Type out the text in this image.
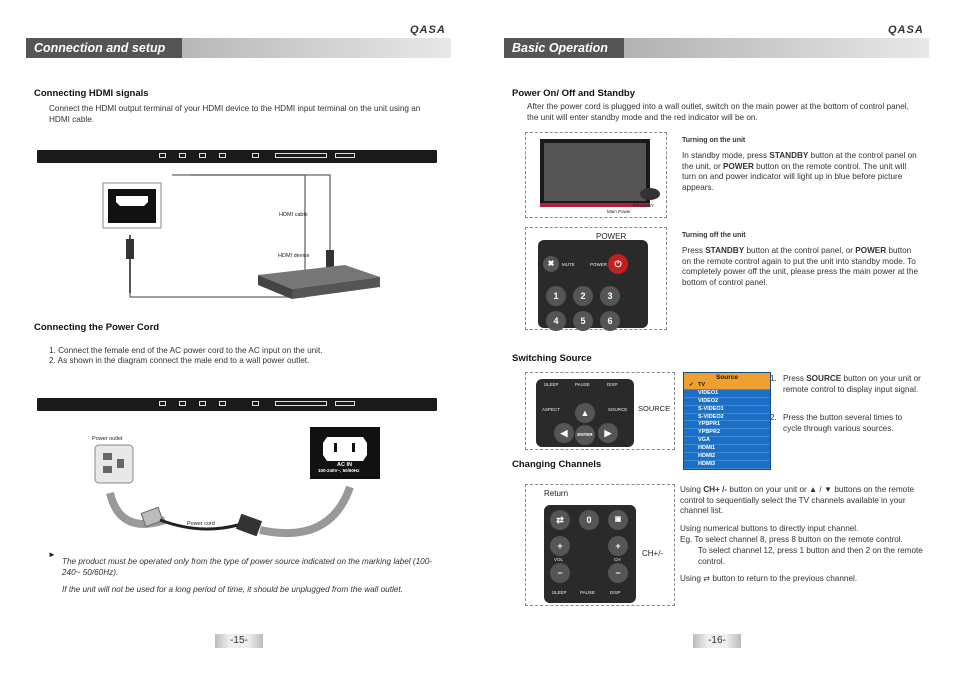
QASA
Connection and setup
Connecting HDMI signals
Connect the HDMI output terminal of your HDMI device to the HDMI input terminal on the unit using an HDMI cable.
HDMI cable
HDMI device
Connecting the Power Cord
1. Connect the female end of the AC power cord to the AC input on the unit.
2. As shown in the diagram connect the male end to a wall power outlet.
Power outlet
AC IN
100-240V~, 50/60Hz
Power cord
►
The product must be operated only from the type of power source indicated on the marking label (100-240~ 50/60Hz).
If the unit will not be used for a long period of time, it should be unplugged from the wall outlet.
-15-
QASA
Basic Operation
Power On/ Off and Standby
After the power cord is plugged into a wall outlet, switch on the main power at the bottom of control panel, the unit will enter standby mode and the red indicator will be on.
STANDBY
Main Power
Turning on the unit
In standby mode, press STANDBY button at the control panel on the unit, or POWER button on the remote control. The unit will turn on and power indicator will light up in blue before picture appears.
✖	MUTE	POWER ⏻
1	2	3
4	5	6
POWER	Turning off the unit
Press STANDBY button at the control panel, or POWER button on the remote control again to put the unit into standby mode. To completely power off the unit, please press the main power at the bottom of control panel.
Switching Source
SLEEP	PAUSE	DISP
ASPECT	SOURCE
▲
◀	ENTER	▶
SOURCE
Source
✓ TV
VIDEO1
VIDEO2
S-VIDEO1
S-VIDEO2
YPBPR1
YPBPR2
VGA
HDMI1
HDMI2
HDMI3
1. Press SOURCE button on your unit or remote control to display input signal.
2. Press the button several times to cycle through various sources.
Changing Channels
Return
⇄	0	▣
+
VOL
+
CH
−	−
SLEEP	PAUSE	DISP
CH+/-
Using CH+ /- button on your unit or ▲ / ▼ buttons on the remote control to sequentially select the TV channels available in your channel list.
Using numerical buttons to directly input channel.
Eg. To select channel 8, press 8 button on the remote control.
To select channel 12, press 1 button and then 2 on the remote control.
Using ⇄ button to return to the previous channel.
-16-
